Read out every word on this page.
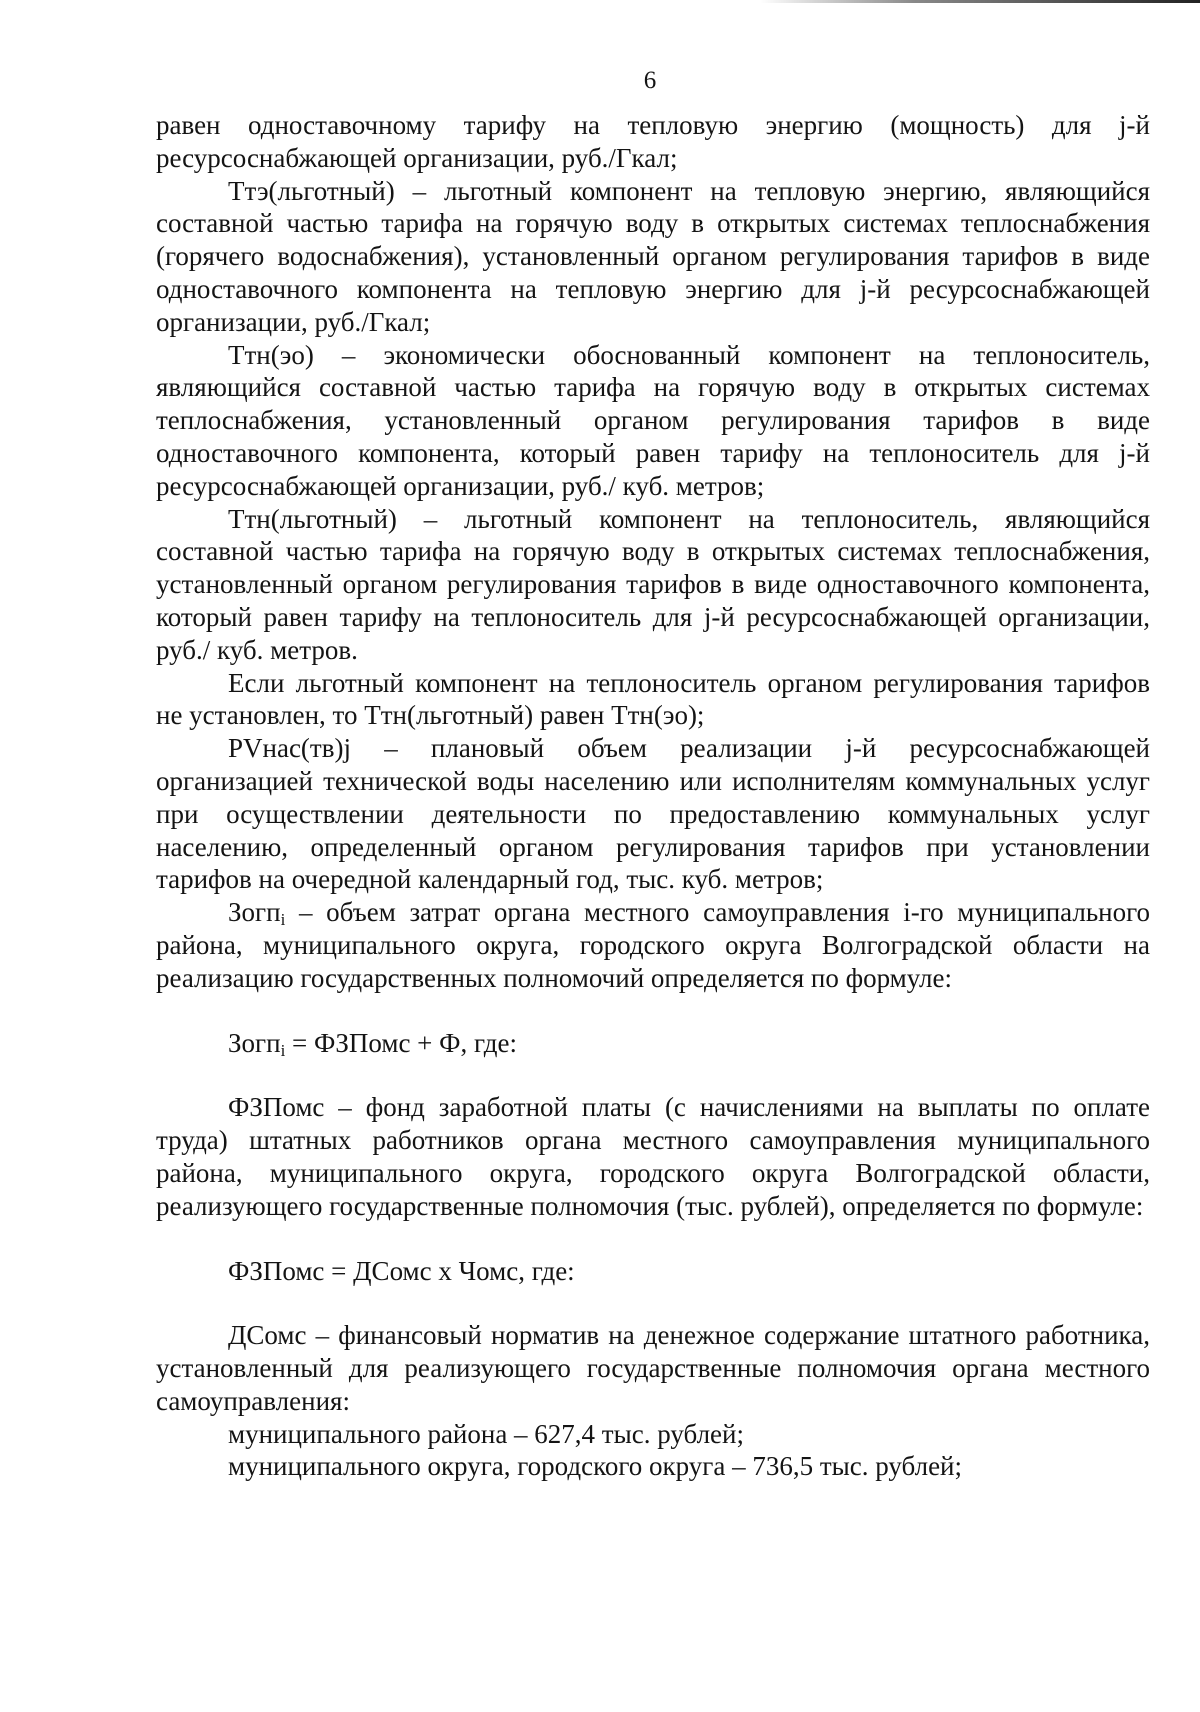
6

равен одноставочному тарифу на тепловую энергию (мощность) для j-й ресурсоснабжающей организации, руб./Гкал;

Ттэ(льготный) – льготный компонент на тепловую энергию, являющийся составной частью тарифа на горячую воду в открытых системах теплоснабжения (горячего водоснабжения), установленный органом регулирования тарифов в виде одноставочного компонента на тепловую энергию для j-й ресурсоснабжающей организации, руб./Гкал;

Ттн(эо) – экономически обоснованный компонент на теплоноситель, являющийся составной частью тарифа на горячую воду в открытых системах теплоснабжения, установленный органом регулирования тарифов в виде одноставочного компонента, который равен тарифу на теплоноситель для j-й ресурсоснабжающей организации, руб./ куб. метров;

Ттн(льготный) – льготный компонент на теплоноситель, являющийся составной частью тарифа на горячую воду в открытых системах теплоснабжения, установленный органом регулирования тарифов в виде одноставочного компонента, который равен тарифу на теплоноситель для j-й ресурсоснабжающей организации, руб./ куб. метров.

Если льготный компонент на теплоноситель органом регулирования тарифов не установлен, то Ттн(льготный) равен Ттн(эо);

PVнас(тв)j – плановый объем реализации j-й ресурсоснабжающей организацией технической воды населению или исполнителям коммунальных услуг при осуществлении деятельности по предоставлению коммунальных услуг населению, определенный органом регулирования тарифов при установлении тарифов на очередной календарный год, тыс. куб. метров;

Зогп$_i$ – объем затрат органа местного самоуправления i-го муниципального района, муниципального округа, городского округа Волгоградской области на реализацию государственных полномочий определяется по формуле:

Зогп$_i$ = ФЗПомс + Ф, где:

ФЗПомс – фонд заработной платы (с начислениями на выплаты по оплате труда) штатных работников органа местного самоуправления муниципального района, муниципального округа, городского округа Волгоградской области, реализующего государственные полномочия (тыс. рублей), определяется по формуле:

ФЗПомс = ДСомс х Чомс, где:

ДСомс – финансовый норматив на денежное содержание штатного работника, установленный для реализующего государственные полномочия органа местного самоуправления:

муниципального района – 627,4 тыс. рублей;

муниципального округа, городского округа – 736,5 тыс. рублей;
